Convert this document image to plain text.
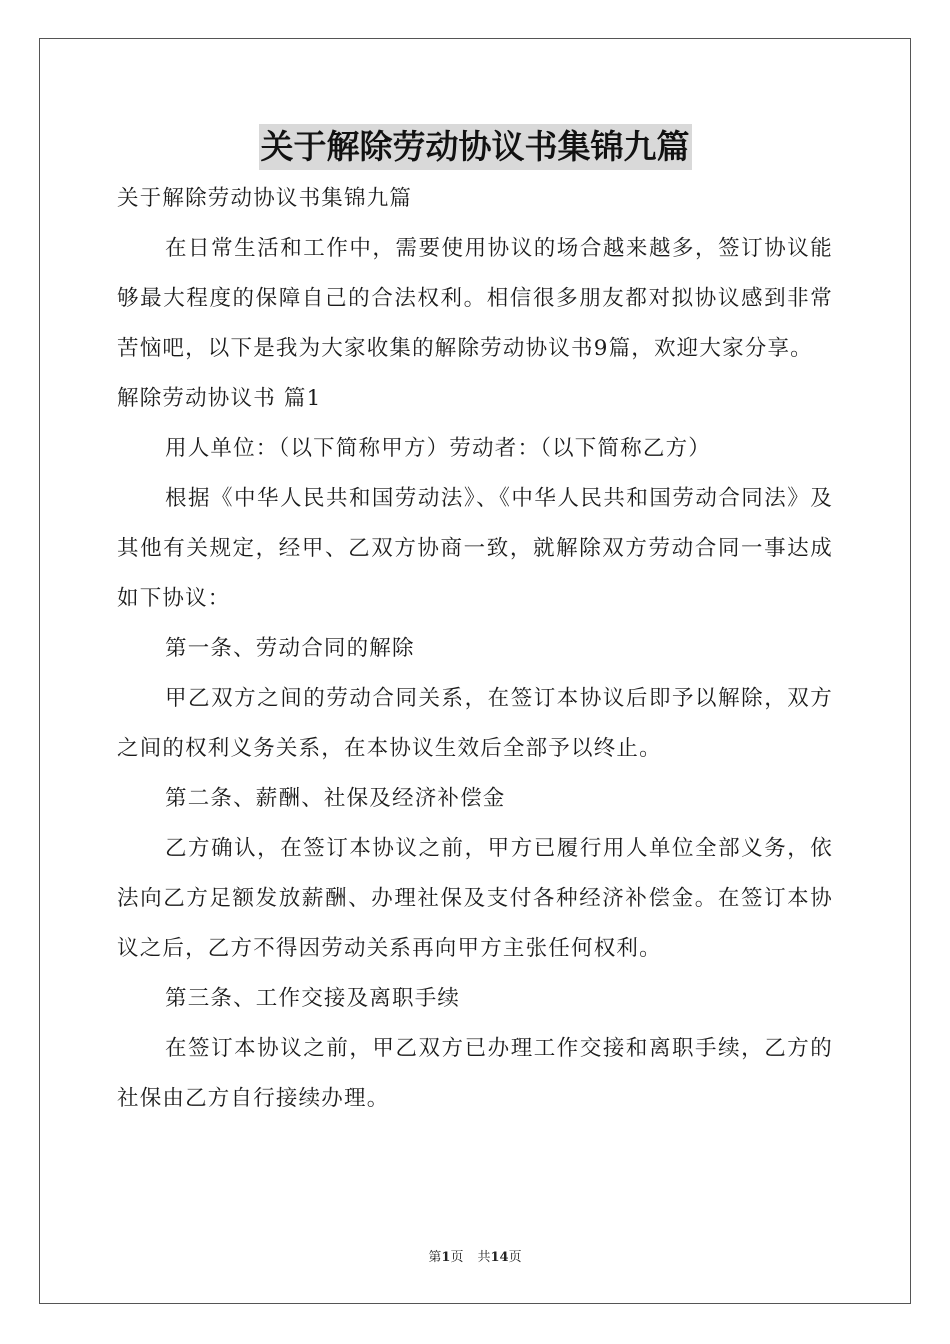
关于解除劳动协议书集锦九篇

关于解除劳动协议书集锦九篇

在日常生活和工作中，需要使用协议的场合越来越多，签订协议能够最大程度的保障自己的合法权利。相信很多朋友都对拟协议感到非常苦恼吧，以下是我为大家收集的解除劳动协议书9篇，欢迎大家分享。

解除劳动协议书 篇1

用人单位：（以下简称甲方）劳动者：（以下简称乙方）

根据《中华人民共和国劳动法》、《中华人民共和国劳动合同法》及其他有关规定，经甲、乙双方协商一致，就解除双方劳动合同一事达成如下协议：

第一条、劳动合同的解除

甲乙双方之间的劳动合同关系，在签订本协议后即予以解除，双方之间的权利义务关系，在本协议生效后全部予以终止。

第二条、薪酬、社保及经济补偿金

乙方确认，在签订本协议之前，甲方已履行用人单位全部义务，依法向乙方足额发放薪酬、办理社保及支付各种经济补偿金。在签订本协议之后，乙方不得因劳动关系再向甲方主张任何权利。

第三条、工作交接及离职手续

在签订本协议之前，甲乙双方已办理工作交接和离职手续，乙方的社保由乙方自行接续办理。

第1页 共14页
